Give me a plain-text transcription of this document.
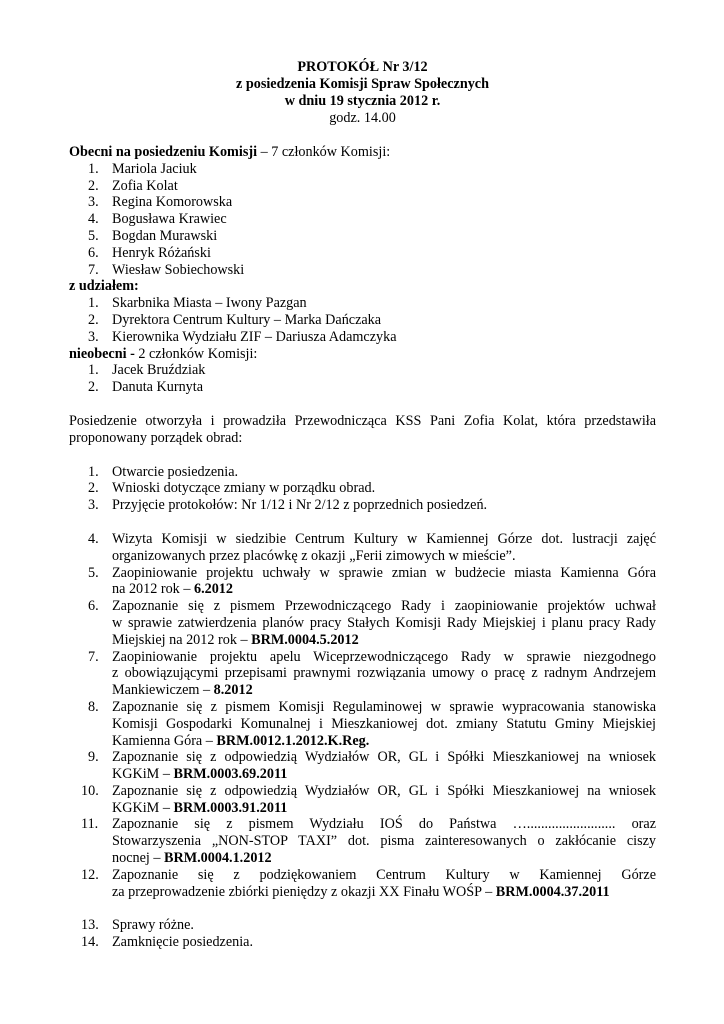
PROTOKÓŁ Nr 3/12
z posiedzenia Komisji Spraw Społecznych
w dniu 19 stycznia 2012 r.
godz. 14.00
Obecni na posiedzeniu Komisji – 7 członków Komisji:
1. Mariola Jaciuk
2. Zofia Kolat
3. Regina Komorowska
4. Bogusława Krawiec
5. Bogdan Murawski
6. Henryk Różański
7. Wiesław Sobiechowski
z udziałem:
1. Skarbnika Miasta – Iwony Pazgan
2. Dyrektora Centrum Kultury – Marka Dańczaka
3. Kierownika Wydziału ZIF – Dariusza Adamczyka
nieobecni - 2 członków Komisji:
1. Jacek Bruździak
2. Danuta Kurnyta
Posiedzenie otworzyła i prowadziła Przewodnicząca KSS Pani Zofia Kolat, która przedstawiła
proponowany porządek obrad:
1. Otwarcie posiedzenia.
2. Wnioski dotyczące zmiany w porządku obrad.
3. Przyjęcie protokołów: Nr 1/12 i Nr 2/12 z poprzednich posiedzeń.
4. Wizyta Komisji w siedzibie Centrum Kultury w Kamiennej Górze dot. lustracji zajęć
organizowanych przez placówkę z okazji „Ferii zimowych w mieście”.
5. Zaopiniowanie projektu uchwały w sprawie zmian w budżecie miasta Kamienna Góra
na 2012 rok – 6.2012
6. Zapoznanie się z pismem Przewodniczącego Rady i zaopiniowanie projektów uchwał
w sprawie zatwierdzenia planów pracy Stałych Komisji Rady Miejskiej i planu pracy Rady
Miejskiej na 2012 rok – BRM.0004.5.2012
7. Zaopiniowanie projektu apelu Wiceprzewodniczącego Rady w sprawie niezgodnego
z obowiązującymi przepisami prawnymi rozwiązania umowy o pracę z radnym Andrzejem
Mankiewiczem – 8.2012
8. Zapoznanie się z pismem Komisji Regulaminowej w sprawie wypracowania stanowiska
Komisji Gospodarki Komunalnej i Mieszkaniowej dot. zmiany Statutu Gminy Miejskiej
Kamienna Góra – BRM.0012.1.2012.K.Reg.
9. Zapoznanie się z odpowiedzią Wydziałów OR, GL i Spółki Mieszkaniowej na wniosek
KGKiM – BRM.0003.69.2011
10. Zapoznanie się z odpowiedzią Wydziałów OR, GL i Spółki Mieszkaniowej na wniosek
KGKiM – BRM.0003.91.2011
11. Zapoznanie się z pismem Wydziału IOŚ do Państwa …......................... oraz
Stowarzyszenia „NON-STOP TAXI” dot. pisma zainteresowanych o zakłócanie ciszy
nocnej – BRM.0004.1.2012
12. Zapoznanie się z podziękowaniem Centrum Kultury w Kamiennej Górze
za przeprowadzenie zbiórki pieniędzy z okazji XX Finału WOŚP – BRM.0004.37.2011
13. Sprawy różne.
14. Zamknięcie posiedzenia.
